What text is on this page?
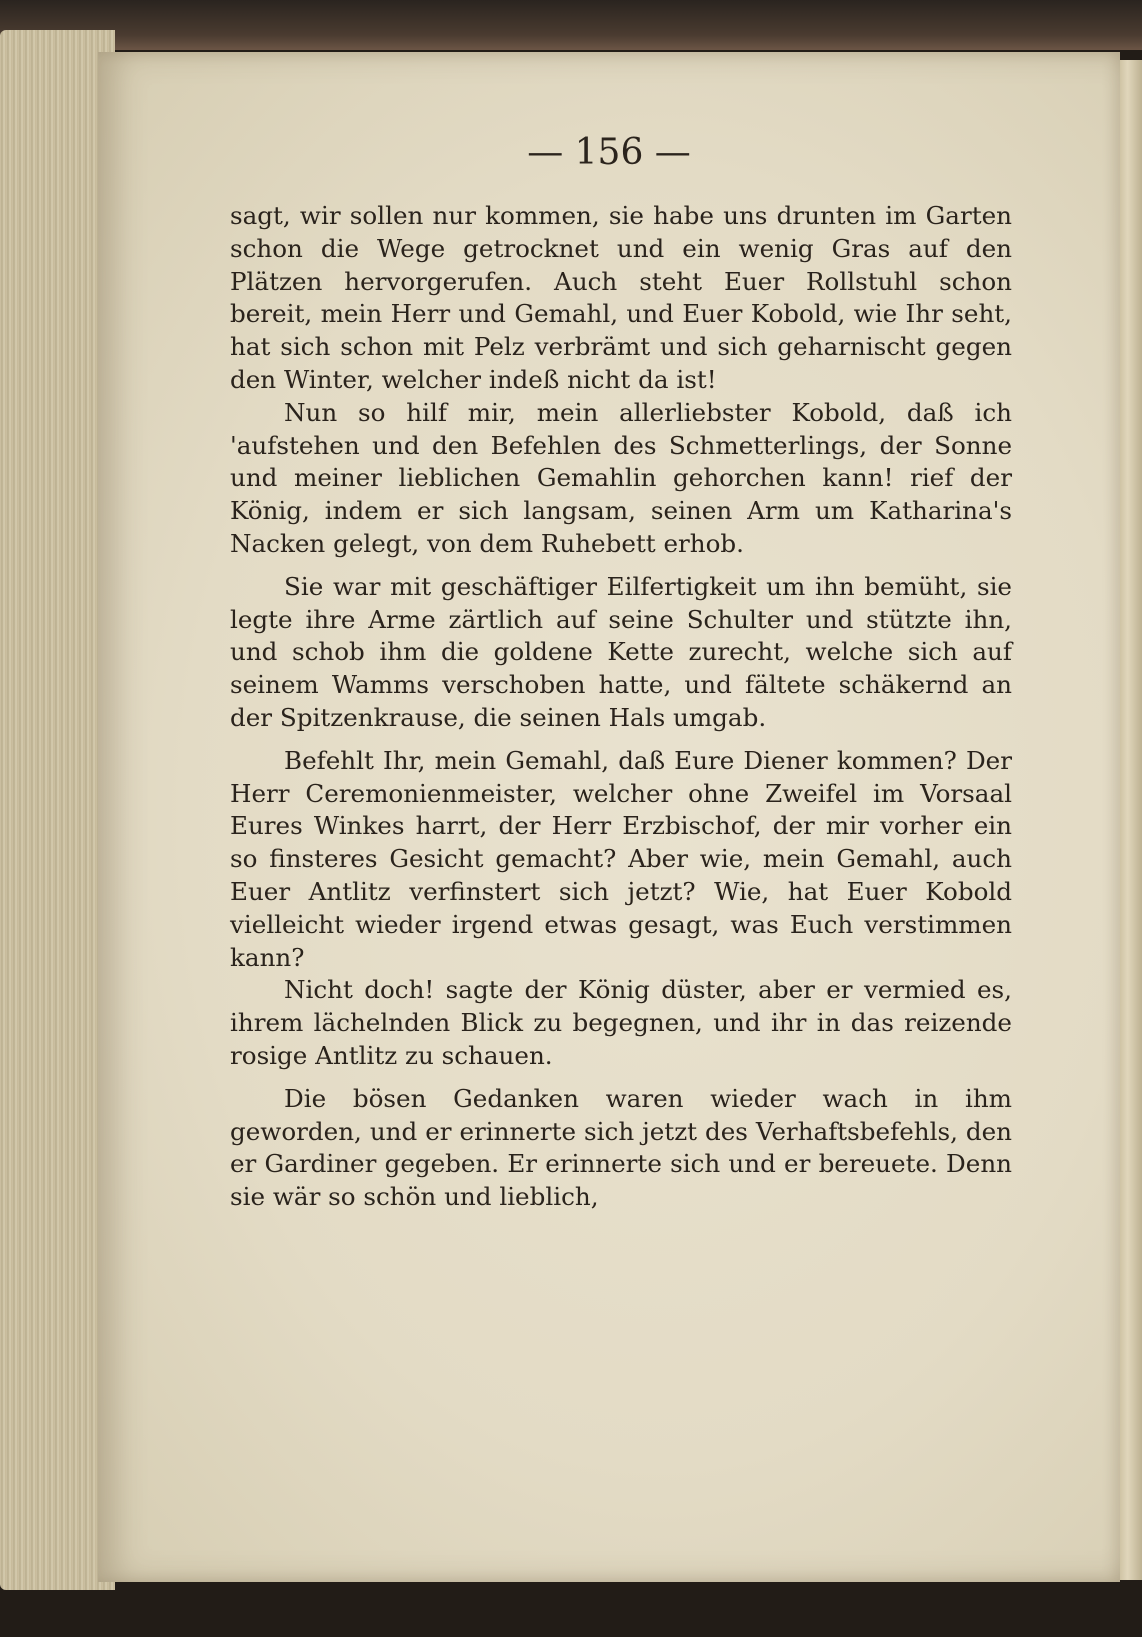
— 156 —

sagt, wir sollen nur kommen, sie habe uns drunten im Garten schon die Wege getrocknet und ein wenig Gras auf den Plätzen hervorgerufen. Auch steht Euer Rollstuhl schon bereit, mein Herr und Gemahl, und Euer Kobold, wie Ihr seht, hat sich schon mit Pelz verbrämt und sich geharnischt gegen den Winter, welcher indeß nicht da ist!

Nun so hilf mir, mein allerliebster Kobold, daß ich 'aufstehen und den Befehlen des Schmetterlings, der Sonne und meiner lieblichen Gemahlin gehorchen kann! rief der König, indem er sich langsam, seinen Arm um Katharina's Nacken gelegt, von dem Ruhebett erhob.

Sie war mit geschäftiger Eilfertigkeit um ihn bemüht, sie legte ihre Arme zärtlich auf seine Schulter und stützte ihn, und schob ihm die goldene Kette zurecht, welche sich auf seinem Wamms verschoben hatte, und fältete schäkernd an der Spitzenkrause, die seinen Hals umgab.

Befehlt Ihr, mein Gemahl, daß Eure Diener kommen? Der Herr Ceremonienmeister, welcher ohne Zweifel im Vorsaal Eures Winkes harrt, der Herr Erzbischof, der mir vorher ein so finsteres Gesicht gemacht? Aber wie, mein Gemahl, auch Euer Antlitz verfinstert sich jetzt? Wie, hat Euer Kobold vielleicht wieder irgend etwas gesagt, was Euch verstimmen kann?

Nicht doch! sagte der König düster, aber er vermied es, ihrem lächelnden Blick zu begegnen, und ihr in das reizende rosige Antlitz zu schauen.

Die bösen Gedanken waren wieder wach in ihm geworden, und er erinnerte sich jetzt des Verhaftsbefehls, den er Gardiner gegeben. Er erinnerte sich und er bereuete. Denn sie wär so schön und lieblich,
